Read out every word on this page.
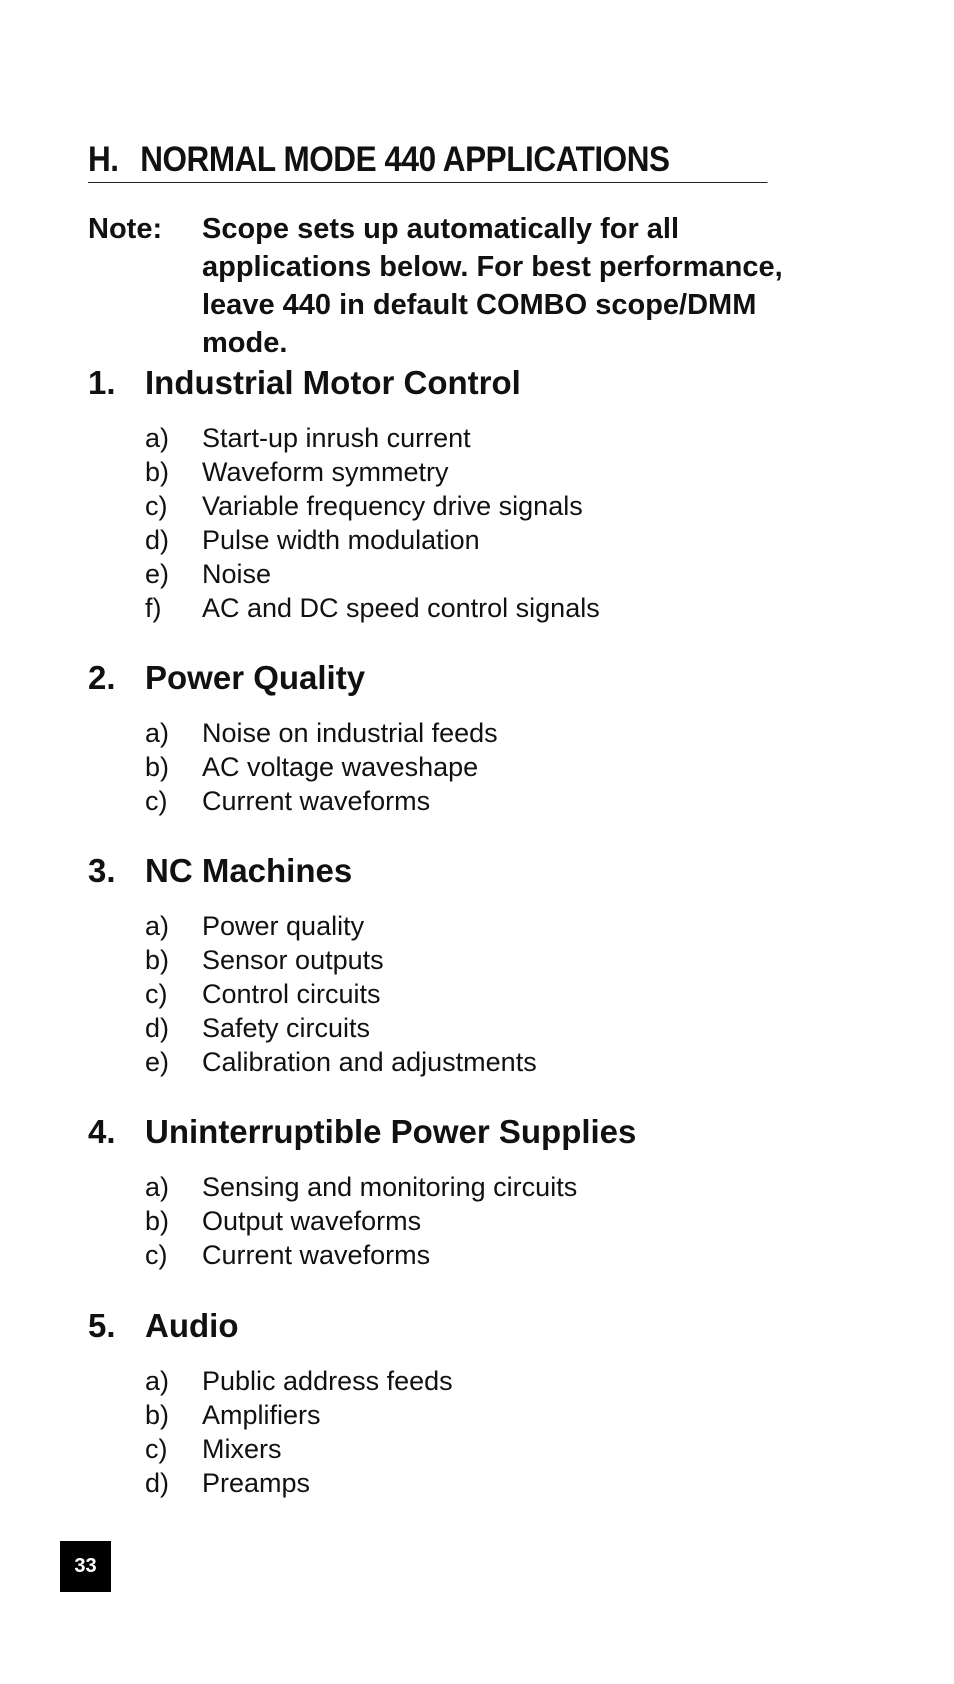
H. NORMAL MODE 440 APPLICATIONS
Note: Scope sets up automatically for all applications below. For best performance, leave 440 in default COMBO scope/DMM mode.
1. Industrial Motor Control
a) Start-up inrush current
b) Waveform symmetry
c) Variable frequency drive signals
d) Pulse width modulation
e) Noise
f) AC and DC speed control signals
2. Power Quality
a) Noise on industrial feeds
b) AC voltage waveshape
c) Current waveforms
3. NC Machines
a) Power quality
b) Sensor outputs
c) Control circuits
d) Safety circuits
e) Calibration and adjustments
4. Uninterruptible Power Supplies
a) Sensing and monitoring circuits
b) Output waveforms
c) Current waveforms
5. Audio
a) Public address feeds
b) Amplifiers
c) Mixers
d) Preamps
33
